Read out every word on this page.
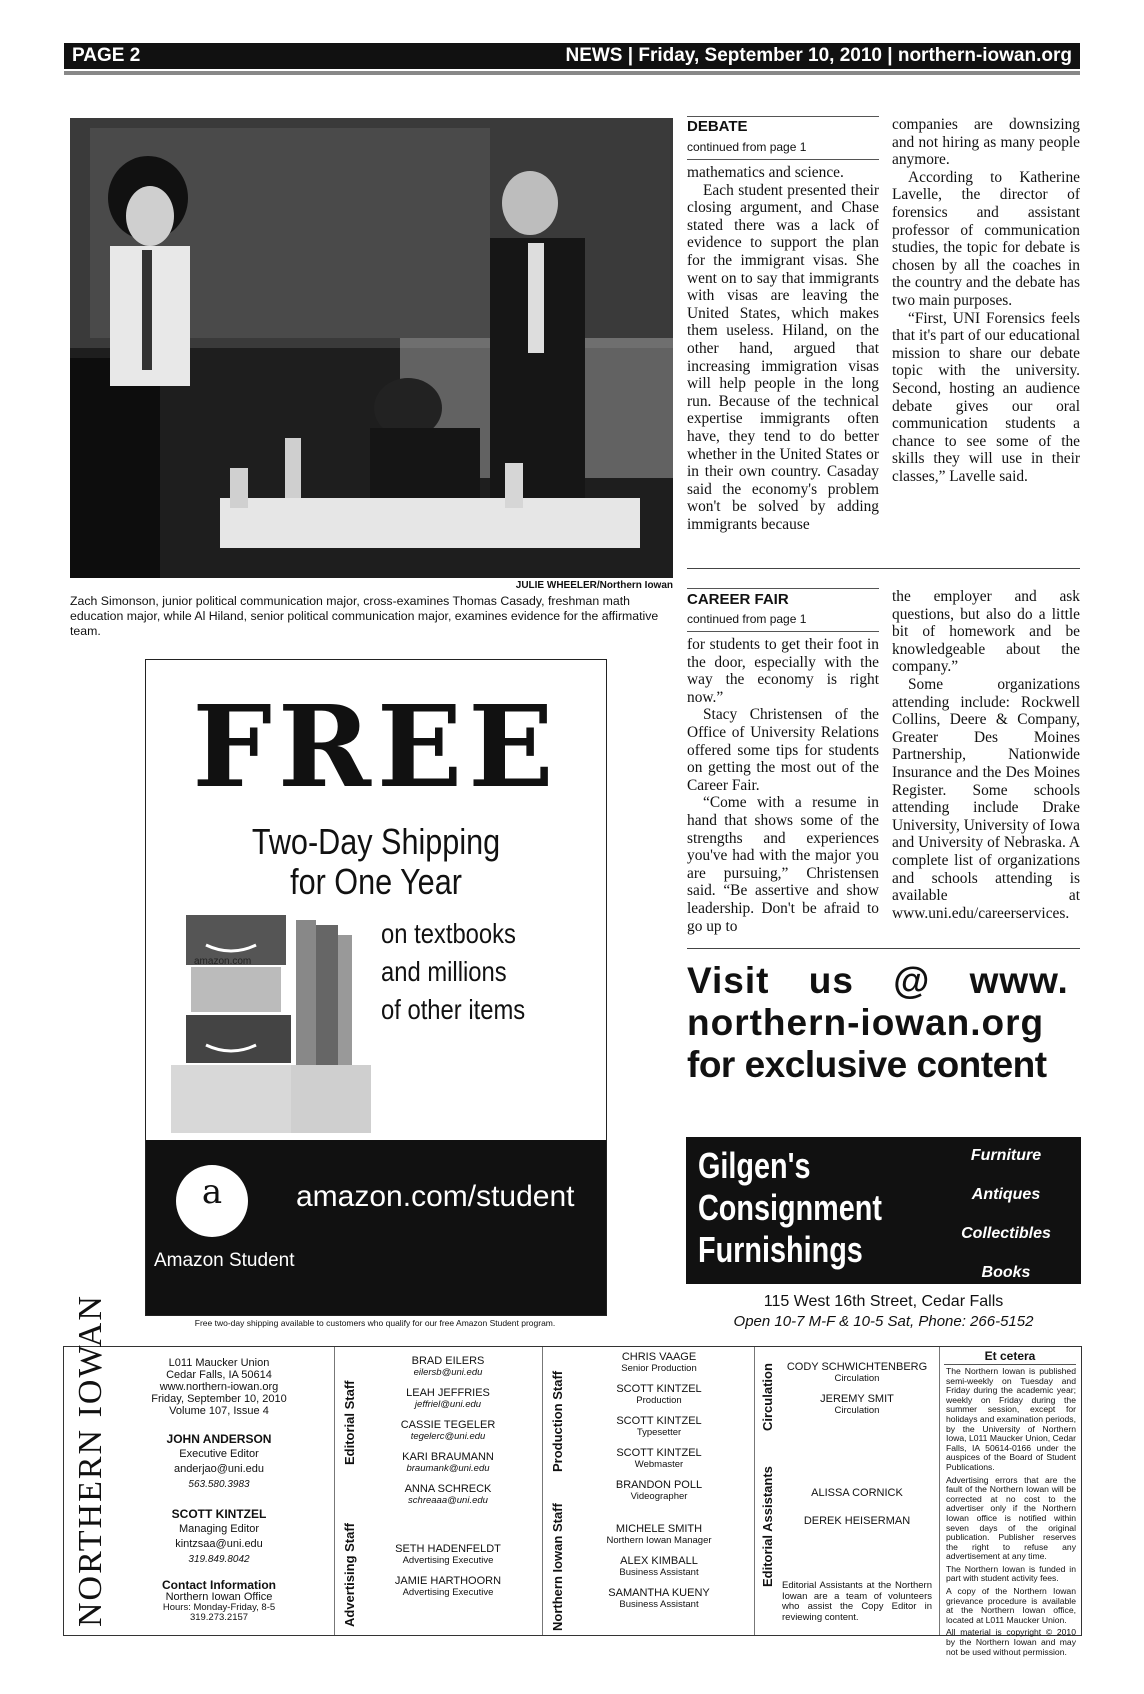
PAGE 2	NEWS | Friday, September 10, 2010 | northern-iowan.org
JULIE WHEELER/Northern Iowan
Zach Simonson, junior political communication major, cross-examines Thomas Casady, freshman math education major, while Al Hiland, senior political communication major, examines evidence for the affirmative team.
DEBATE
continued from page 1

mathematics and science.

Each student presented their closing argument, and Chase stated there was a lack of evidence to support the plan for the immigrant visas. She went on to say that immigrants with visas are leaving the United States, which makes them useless. Hiland, on the other hand, argued that increasing immigration visas will help people in the long run. Because of the technical expertise immigrants often have, they tend to do better whether in the United States or in their own country. Casaday said the economy's problem won't be solved by adding immigrants because

companies are downsizing and not hiring as many people anymore.

According to Katherine Lavelle, the director of forensics and assistant professor of communication studies, the topic for debate is chosen by all the coaches in the country and the debate has two main purposes.

“First, UNI Forensics feels that it's part of our educational mission to share our debate topic with the university. Second, hosting an audience debate gives our oral communication students a chance to see some of the skills they will use in their classes,” Lavelle said.

CAREER FAIR
continued from page 1

for students to get their foot in the door, especially with the way the economy is right now.”

Stacy Christensen of the Office of University Relations offered some tips for students on getting the most out of the Career Fair.

“Come with a resume in hand that shows some of the strengths and experiences you've had with the major you are pursuing,” Christensen said. “Be assertive and show leadership. Don't be afraid to go up to

the employer and ask questions, but also do a little bit of homework and be knowledgeable about the company.”

Some organizations attending include: Rockwell Collins, Deere & Company, Greater Des Moines Partnership, Nationwide Insurance and the Des Moines Register. Some schools attending include Drake University, University of Iowa and University of Nebraska. A complete list of organizations and schools attending is available at www.uni.edu/careerservices.

FREE
Two-Day Shipping
for One Year
on textbooks
and millions
of other items
amazon.com
a
Amazon Student
amazon.com/student
Free two-day shipping available to customers who qualify for our free Amazon Student program.
Visit us @ www.
northern-iowan.org
for exclusive content
Gilgen's
Consignment
Furnishings
Furniture
Antiques
Collectibles
Books
115 West 16th Street, Cedar Falls
Open 10-7 M-F & 10-5 Sat, Phone: 266-5152
NORTHERN IOWAN	L011 Maucker Union
Cedar Falls, IA 50614
www.northern-iowan.org
Friday, September 10, 2010
Volume 107, Issue 4
JOHN ANDERSON
Executive Editor
anderjao@uni.edu
563.580.3983
SCOTT KINTZEL
Managing Editor
kintzsaa@uni.edu
319.849.8042
Contact Information
Northern Iowan Office
Hours: Monday-Friday, 8-5
319.273.2157
Editorial Staff
BRAD EILERS
eilersb@uni.edu
LEAH JEFFRIES
jeffriel@uni.edu
CASSIE TEGELER
tegelerc@uni.edu
KARI BRAUMANN
braumank@uni.edu
ANNA SCHRECK
schreaaa@uni.edu
Advertising Staff	SETH HADENFELDT
Advertising Executive
JAMIE HARTHOORN
Advertising Executive
Production Staff
CHRIS VAAGE
Senior Production
SCOTT KINTZEL
Production
SCOTT KINTZEL
Typesetter
SCOTT KINTZEL
Webmaster
BRANDON POLL
Videographer
Northern Iowan Staff	MICHELE SMITH
Northern Iowan Manager
ALEX KIMBALL
Business Assistant
SAMANTHA KUENY
Business Assistant
Circulation	CODY SCHWICHTENBERG
Circulation
JEREMY SMIT
Circulation
Editorial Assistants	ALISSA CORNICK
DEREK HEISERMAN
Editorial Assistants at the Northern Iowan are a team of volunteers who assist the Copy Editor in reviewing content.
Et cetera

The Northern Iowan is published semi-weekly on Tuesday and Friday during the academic year; weekly on Friday during the summer session, except for holidays and examination periods, by the University of Northern Iowa, L011 Maucker Union, Cedar Falls, IA 50614-0166 under the auspices of the Board of Student Publications.

Advertising errors that are the fault of the Northern Iowan will be corrected at no cost to the advertiser only if the Northern Iowan office is notified within seven days of the original publication. Publisher reserves the right to refuse any advertisement at any time.

The Northern Iowan is funded in part with student activity fees.

A copy of the Northern Iowan grievance procedure is available at the Northern Iowan office, located at L011 Maucker Union.

All material is copyright © 2010 by the Northern Iowan and may not be used without permission.
